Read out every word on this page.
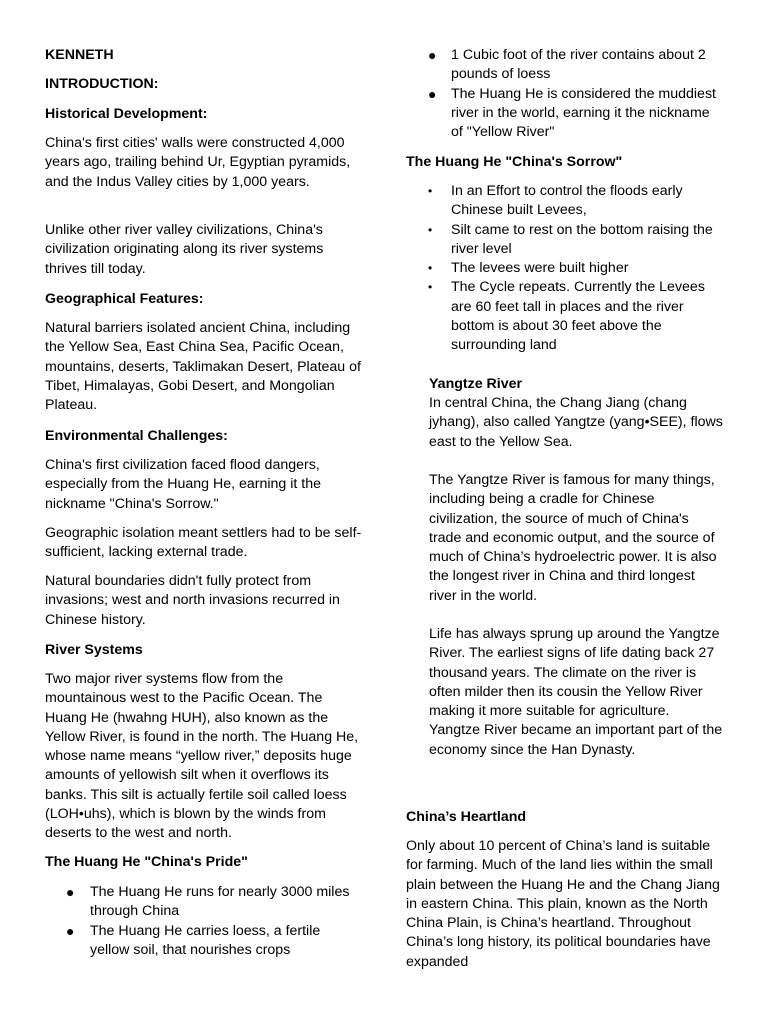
KENNETH
INTRODUCTION:
Historical Development:

China's first cities' walls were constructed 4,000 years ago, trailing behind Ur, Egyptian pyramids, and the Indus Valley cities by 1,000 years.

Unlike other river valley civilizations, China's civilization originating along its river systems thrives till today.

Geographical Features:

Natural barriers isolated ancient China, including the Yellow Sea, East China Sea, Pacific Ocean, mountains, deserts, Taklimakan Desert, Plateau of Tibet, Himalayas, Gobi Desert, and Mongolian Plateau.

Environmental Challenges:

China's first civilization faced flood dangers, especially from the Huang He, earning it the nickname "China's Sorrow."

Geographic isolation meant settlers had to be self-sufficient, lacking external trade.

Natural boundaries didn't fully protect from invasions; west and north invasions recurred in Chinese history.

River Systems

Two major river systems flow from the mountainous west to the Pacific Ocean. The Huang He (hwahng HUH), also known as the Yellow River, is found in the north. The Huang He, whose name means “yellow river,” deposits huge amounts of yellowish silt when it overflows its banks. This silt is actually fertile soil called loess (LOH•uhs), which is blown by the winds from deserts to the west and north.

The Huang He "China's Pride"
● The Huang He runs for nearly 3000 miles through China
● The Huang He carries loess, a fertile yellow soil, that nourishes crops
● 1 Cubic foot of the river contains about 2 pounds of loess
● The Huang He is considered the muddiest river in the world, earning it the nickname of "Yellow River"
The Huang He "China's Sorrow"
• In an Effort to control the floods early Chinese built Levees,
• Silt came to rest on the bottom raising the river level
• The levees were built higher
• The Cycle repeats. Currently the Levees are 60 feet tall in places and the river bottom is about 30 feet above the surrounding land
Yangtze River

In central China, the Chang Jiang (chang jyhang), also called Yangtze (yang•SEE), flows east to the Yellow Sea.

The Yangtze River is famous for many things, including being a cradle for Chinese civilization, the source of much of China's trade and economic output, and the source of much of China’s hydroelectric power. It is also the longest river in China and third longest river in the world.

Life has always sprung up around the Yangtze River. The earliest signs of life dating back 27 thousand years. The climate on the river is often milder then its cousin the Yellow River making it more suitable for agriculture. Yangtze River became an important part of the economy since the Han Dynasty.

China’s Heartland

Only about 10 percent of China’s land is suitable for farming. Much of the land lies within the small plain between the Huang He and the Chang Jiang in eastern China. This plain, known as the North China Plain, is China’s heartland. Throughout China’s long history, its political boundaries have expanded
